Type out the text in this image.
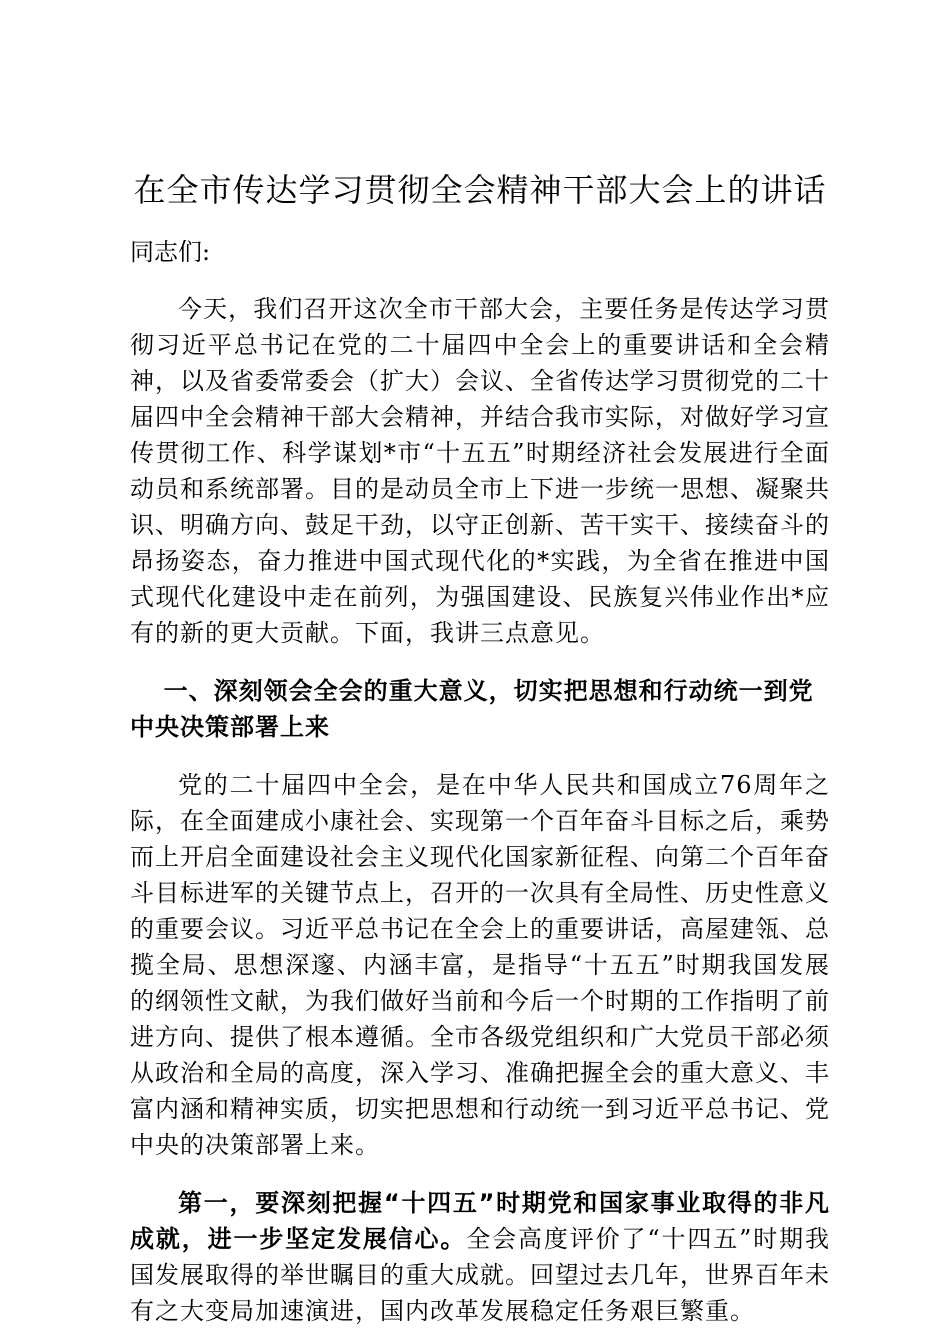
在全市传达学习贯彻全会精神干部大会上的讲话

同志们:

今天，我们召开这次全市干部大会，主要任务是传达学习贯彻习近平总书记在党的二十届四中全会上的重要讲话和全会精神，以及省委常委会（扩大）会议、全省传达学习贯彻党的二十届四中全会精神干部大会精神，并结合我市实际，对做好学习宣传贯彻工作、科学谋划*市“十五五”时期经济社会发展进行全面动员和系统部署。目的是动员全市上下进一步统一思想、凝聚共识、明确方向、鼓足干劲，以守正创新、苦干实干、接续奋斗的昂扬姿态，奋力推进中国式现代化的*实践，为全省在推进中国式现代化建设中走在前列，为强国建设、民族复兴伟业作出*应有的新的更大贡献。下面，我讲三点意见。

一、深刻领会全会的重大意义，切实把思想和行动统一到党中央决策部署上来

党的二十届四中全会，是在中华人民共和国成立76周年之际，在全面建成小康社会、实现第一个百年奋斗目标之后，乘势而上开启全面建设社会主义现代化国家新征程、向第二个百年奋斗目标进军的关键节点上，召开的一次具有全局性、历史性意义的重要会议。习近平总书记在全会上的重要讲话，高屋建瓴、总揽全局、思想深邃、内涵丰富，是指导“十五五”时期我国发展的纲领性文献，为我们做好当前和今后一个时期的工作指明了前进方向、提供了根本遵循。全市各级党组织和广大党员干部必须从政治和全局的高度，深入学习、准确把握全会的重大意义、丰富内涵和精神实质，切实把思想和行动统一到习近平总书记、党中央的决策部署上来。

第一，要深刻把握“十四五”时期党和国家事业取得的非凡成就，进一步坚定发展信心。全会高度评价了“十四五”时期我国发展取得的举世瞩目的重大成就。回望过去几年，世界百年未有之大变局加速演进，国内改革发展稳定任务艰巨繁重。
